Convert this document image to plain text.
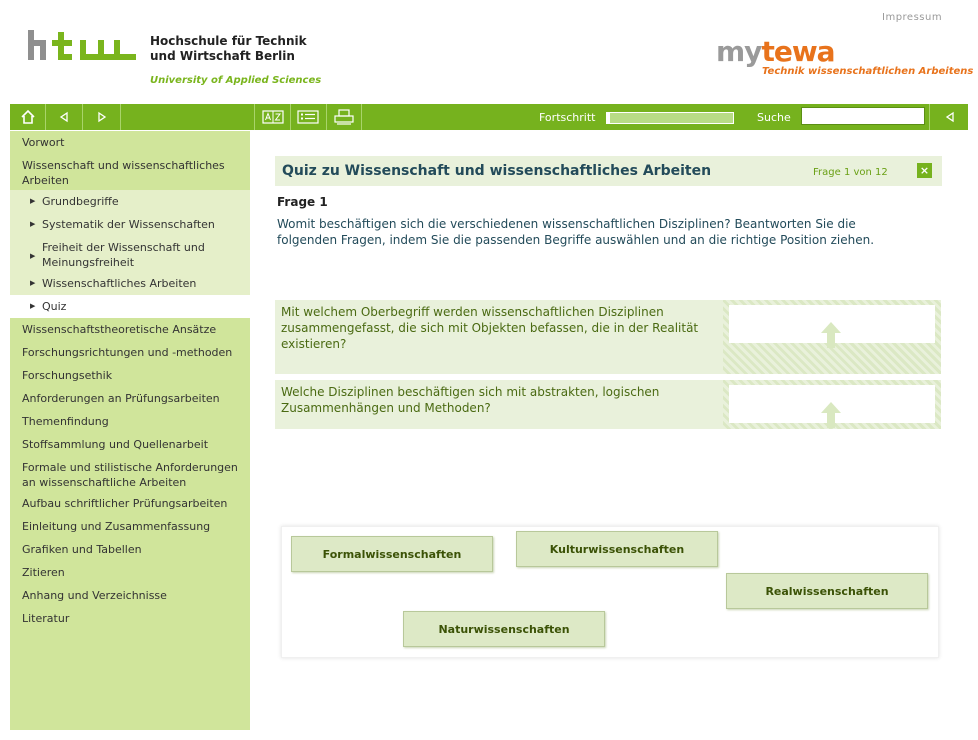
Impressum
Hochschule für Technik
und Wirtschaft Berlin
University of Applied Sciences
mytewa
Technik wissenschaftlichen Arbeitens
Fortschritt	Suche
Vorwort
Wissenschaft und wissenschaftliches Arbeiten
▶ Grundbegriffe
▶ Systematik der Wissenschaften
▶
Freiheit der Wissenschaft und Meinungsfreiheit
▶ Wissenschaftliches Arbeiten
▶ Quiz
Wissenschaftstheoretische Ansätze
Forschungsrichtungen und -methoden
Forschungsethik
Anforderungen an Prüfungsarbeiten
Themenfindung
Stoffsammlung und Quellenarbeit
Formale und stilistische Anforderungen an wissenschaftliche Arbeiten
Aufbau schriftlicher Prüfungsarbeiten
Einleitung und Zusammenfassung
Grafiken und Tabellen
Zitieren
Anhang und Verzeichnisse
Literatur
Quiz zu Wissenschaft und wissenschaftliches Arbeiten	Frage 1 von 12	×
Frage 1
Womit beschäftigen sich die verschiedenen wissenschaftlichen Disziplinen? Beantworten Sie die folgenden Fragen, indem Sie die passenden Begriffe auswählen und an die richtige Position ziehen.
Mit welchem Oberbegriff werden wissenschaftlichen Disziplinen zusammengefasst, die sich mit Objekten befassen, die in der Realität existieren?
Welche Disziplinen beschäftigen sich mit abstrakten, logischen Zusammenhängen und Methoden?
Formalwissenschaften	Kulturwissenschaften
Realwissenschaften
Naturwissenschaften
